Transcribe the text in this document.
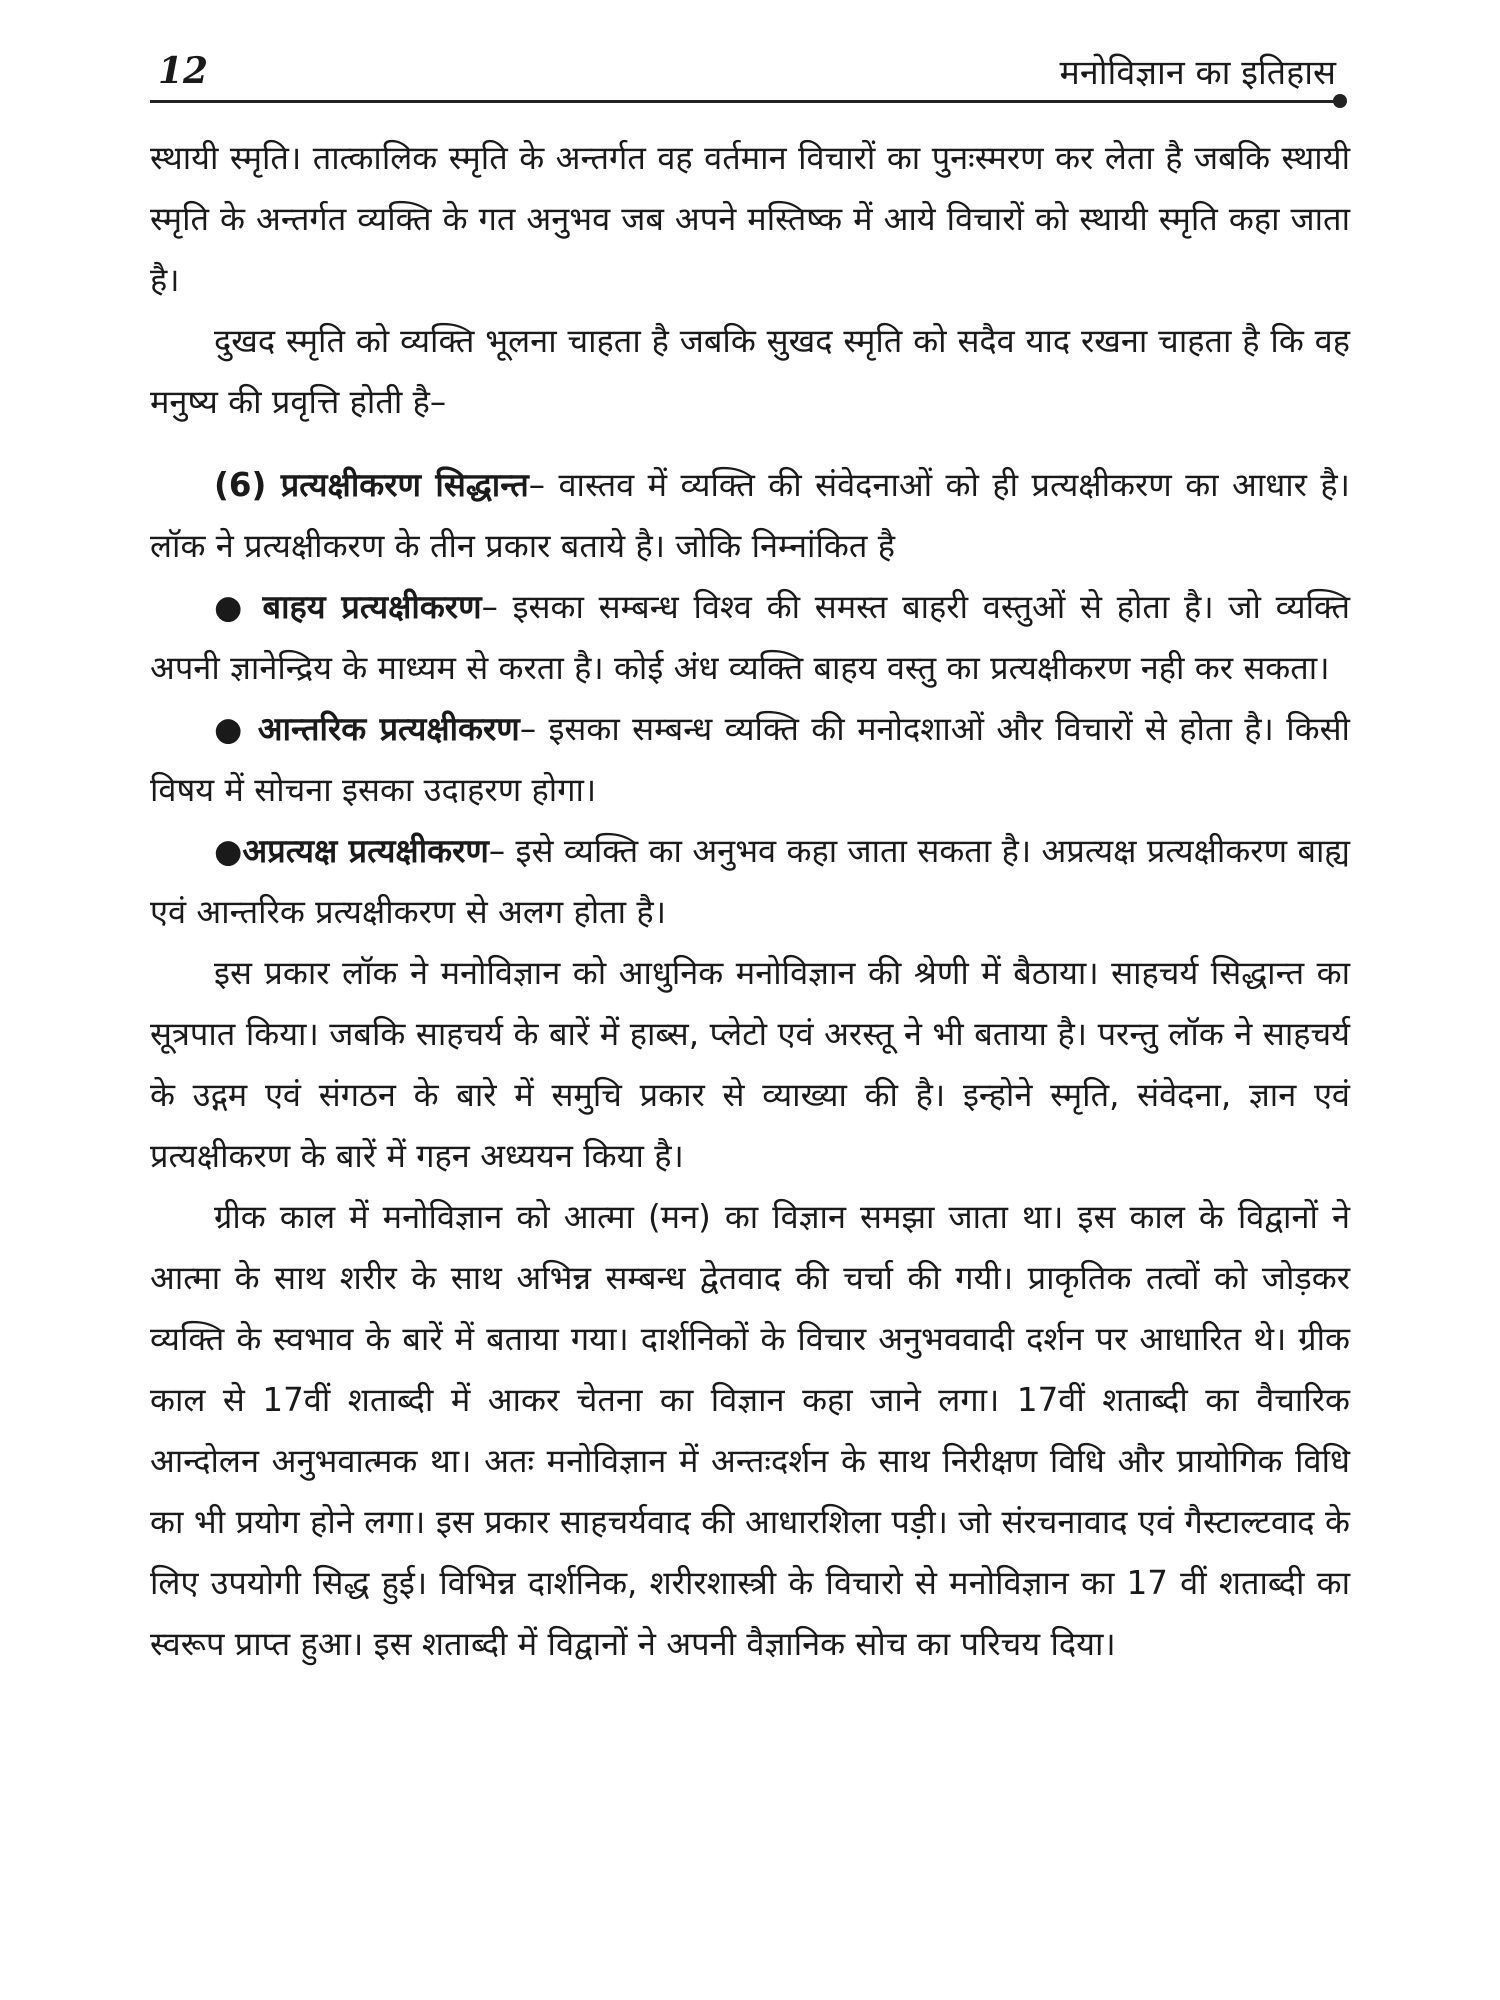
12	मनोविज्ञान का इतिहास

स्थायी स्मृति। तात्कालिक स्मृति के अन्तर्गत वह वर्तमान विचारों का पुनःस्मरण कर लेता है जबकि स्थायी स्मृति के अन्तर्गत व्यक्ति के गत अनुभव जब अपने मस्तिष्क में आये विचारों को स्थायी स्मृति कहा जाता है।

दुखद स्मृति को व्यक्ति भूलना चाहता है जबकि सुखद स्मृति को सदैव याद रखना चाहता है कि वह मनुष्य की प्रवृत्ति होती है–

(6) प्रत्यक्षीकरण सिद्धान्त– वास्तव में व्यक्ति की संवेदनाओं को ही प्रत्यक्षीकरण का आधार है। लॉक ने प्रत्यक्षीकरण के तीन प्रकार बताये है। जोकि निम्नांकित है

● बाहय प्रत्यक्षीकरण– इसका सम्बन्ध विश्व की समस्त बाहरी वस्तुओं से होता है। जो व्यक्ति अपनी ज्ञानेन्द्रिय के माध्यम से करता है। कोई अंध व्यक्ति बाहय वस्तु का प्रत्यक्षीकरण नही कर सकता।

● आन्तरिक प्रत्यक्षीकरण– इसका सम्बन्ध व्यक्ति की मनोदशाओं और विचारों से होता है। किसी विषय में सोचना इसका उदाहरण होगा।

●अप्रत्यक्ष प्रत्यक्षीकरण– इसे व्यक्ति का अनुभव कहा जाता सकता है। अप्रत्यक्ष प्रत्यक्षीकरण बाह्य एवं आन्तरिक प्रत्यक्षीकरण से अलग होता है।

इस प्रकार लॉक ने मनोविज्ञान को आधुनिक मनोविज्ञान की श्रेणी में बैठाया। साहचर्य सिद्धान्त का सूत्रपात किया। जबकि साहचर्य के बारें में हाब्स, प्लेटो एवं अरस्तू ने भी बताया है। परन्तु लॉक ने साहचर्य के उद्गम एवं संगठन के बारे में समुचि प्रकार से व्याख्या की है। इन्होने स्मृति, संवेदना, ज्ञान एवं प्रत्यक्षीकरण के बारें में गहन अध्ययन किया है।

ग्रीक काल में मनोविज्ञान को आत्मा (मन) का विज्ञान समझा जाता था। इस काल के विद्वानों ने आत्मा के साथ शरीर के साथ अभिन्न सम्बन्ध द्वेतवाद की चर्चा की गयी। प्राकृतिक तत्वों को जोड़कर व्यक्ति के स्वभाव के बारें में बताया गया। दार्शनिकों के विचार अनुभववादी दर्शन पर आधारित थे। ग्रीक काल से 17वीं शताब्दी में आकर चेतना का विज्ञान कहा जाने लगा। 17वीं शताब्दी का वैचारिक आन्दोलन अनुभवात्मक था। अतः मनोविज्ञान में अन्तःदर्शन के साथ निरीक्षण विधि और प्रायोगिक विधि का भी प्रयोग होने लगा। इस प्रकार साहचर्यवाद की आधारशिला पड़ी। जो संरचनावाद एवं गैस्टाल्टवाद के लिए उपयोगी सिद्ध हुई। विभिन्न दार्शनिक, शरीरशास्त्री के विचारो से मनोविज्ञान का 17 वीं शताब्दी का स्वरूप प्राप्त हुआ। इस शताब्दी में विद्वानों ने अपनी वैज्ञानिक सोच का परिचय दिया।
